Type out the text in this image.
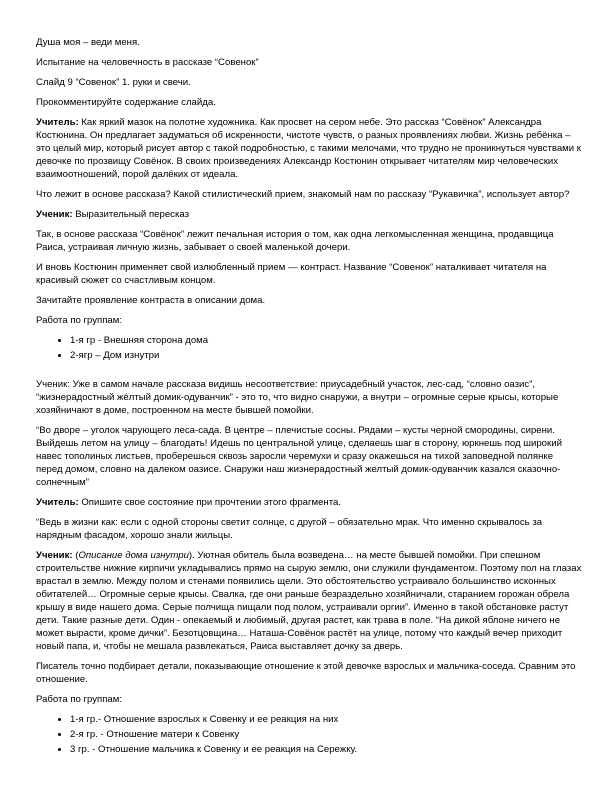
Душа моя – веди меня.

Испытание на человечность в рассказе “Совенок”

Слайд 9 “Совенок” 1. руки и свечи.

Прокомментируйте содержание слайда.

Учитель: Как яркий мазок на полотне художника. Как просвет на сером небе. Это рассказ “Совёнок” Александра Костюнина. Он предлагает задуматься об искренности, чистоте чувств, о разных проявлениях любви. Жизнь ребёнка – это целый мир, который рисует автор с такой подробностью, с такими мелочами, что трудно не проникнуться чувствами к девочке по прозвищу Совёнок. В своих произведениях Александр Костюнин открывает читателям мир человеческих взаимоотношений, порой далёких от идеала.

Что лежит в основе рассказа? Какой стилистический прием, знакомый нам по рассказу “Рукавичка”, использует автор?

Ученик: Выразительный пересказ

Так, в основе рассказа “Совёнок” лежит печальная история о том, как одна легкомысленная женщина, продавщица Раиса, устраивая личную жизнь, забывает о своей маленькой дочери.

И вновь Костюнин применяет свой излюбленный прием — контраст. Название “Совенок” наталкивает читателя на красивый сюжет со счастливым концом.

Зачитайте проявление контраста в описании дома.

Работа по группам:

• 1-я гр - Внешняя сторона дома
• 2-ягр – Дом изнутри

Ученик: Уже в самом начале рассказа видишь несоответствие: приусадебный участок, лес-сад, “словно оазис”, “жизнерадостный жёлтый домик-одуванчик” - это то, что видно снаружи, а внутри – огромные серые крысы, которые хозяйничают в доме, построенном на месте бывшей помойки.

“Во дворе – уголок чарующего леса-сада. В центре – плечистые сосны. Рядами – кусты черной смородины, сирени. Выйдешь летом на улицу – благодать! Идешь по центральной улице, сделаешь шаг в сторону, юркнешь под широкий навес тополиных листьев, проберешься сквозь заросли черемухи и сразу окажешься на тихой заповедной полянке перед домом, словно на далеком оазисе. Снаружи наш жизнерадостный желтый домик-одуванчик казался сказочно-солнечным”

Учитель: Опишите свое состояние при прочтении этого фрагмента.

“Ведь в жизни как: если с одной стороны светит солнце, с другой – обязательно мрак. Что именно скрывалось за нарядным фасадом, хорошо знали жильцы.

Ученик: (Описание дома изнутри). Уютная обитель была возведена… на месте бывшей помойки. При спешном строительстве нижние кирпичи укладывались прямо на сырую землю, они служили фундаментом. Поэтому пол на глазах врастал в землю. Между полом и стенами появились щели. Это обстоятельство устраивало большинство исконных обитателей… Огромные серые крысы. Свалка, где они раньше безраздельно хозяйничали, старанием горожан обрела крышу в виде нашего дома. Серые полчища пищали под полом, устраивали оргии”. Именно в такой обстановке растут дети. Такие разные дети. Один - опекаемый и любимый, другая растет, как трава в поле. “На дикой яблоне ничего не может вырасти, кроме дички”. Безотцовщина… Наташа-Совёнок растёт на улице, потому что каждый вечер приходит новый папа, и, чтобы не мешала развлекаться, Раиса выставляет дочку за дверь.

Писатель точно подбирает детали, показывающие отношение к этой девочке взрослых и мальчика-соседа. Сравним это отношение.

Работа по группам:

• 1-я гр.- Отношение взрослых к Совенку и ее реакция на них
• 2-я гр. - Отношение матери к Совенку
• 3 гр. - Отношение мальчика к Совенку и ее реакция на Сережку.
